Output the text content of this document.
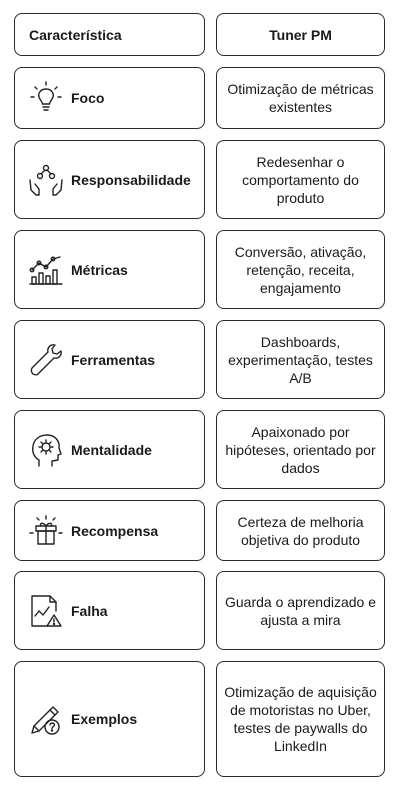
Característica	Tuner PM
Foco
Otimização de métricas existentes
Responsabilidade
Redesenhar o comportamento do produto
Métricas
Conversão, ativação, retenção, receita, engajamento
Ferramentas
Dashboards, experimentação, testes A/B
Mentalidade
Apaixonado por hipóteses, orientado por dados
Recompensa
Certeza de melhoria objetiva do produto
Falha
Guarda o aprendizado e ajusta a mira
Exemplos
Otimização de aquisição de motoristas no Uber, testes de paywalls do LinkedIn
